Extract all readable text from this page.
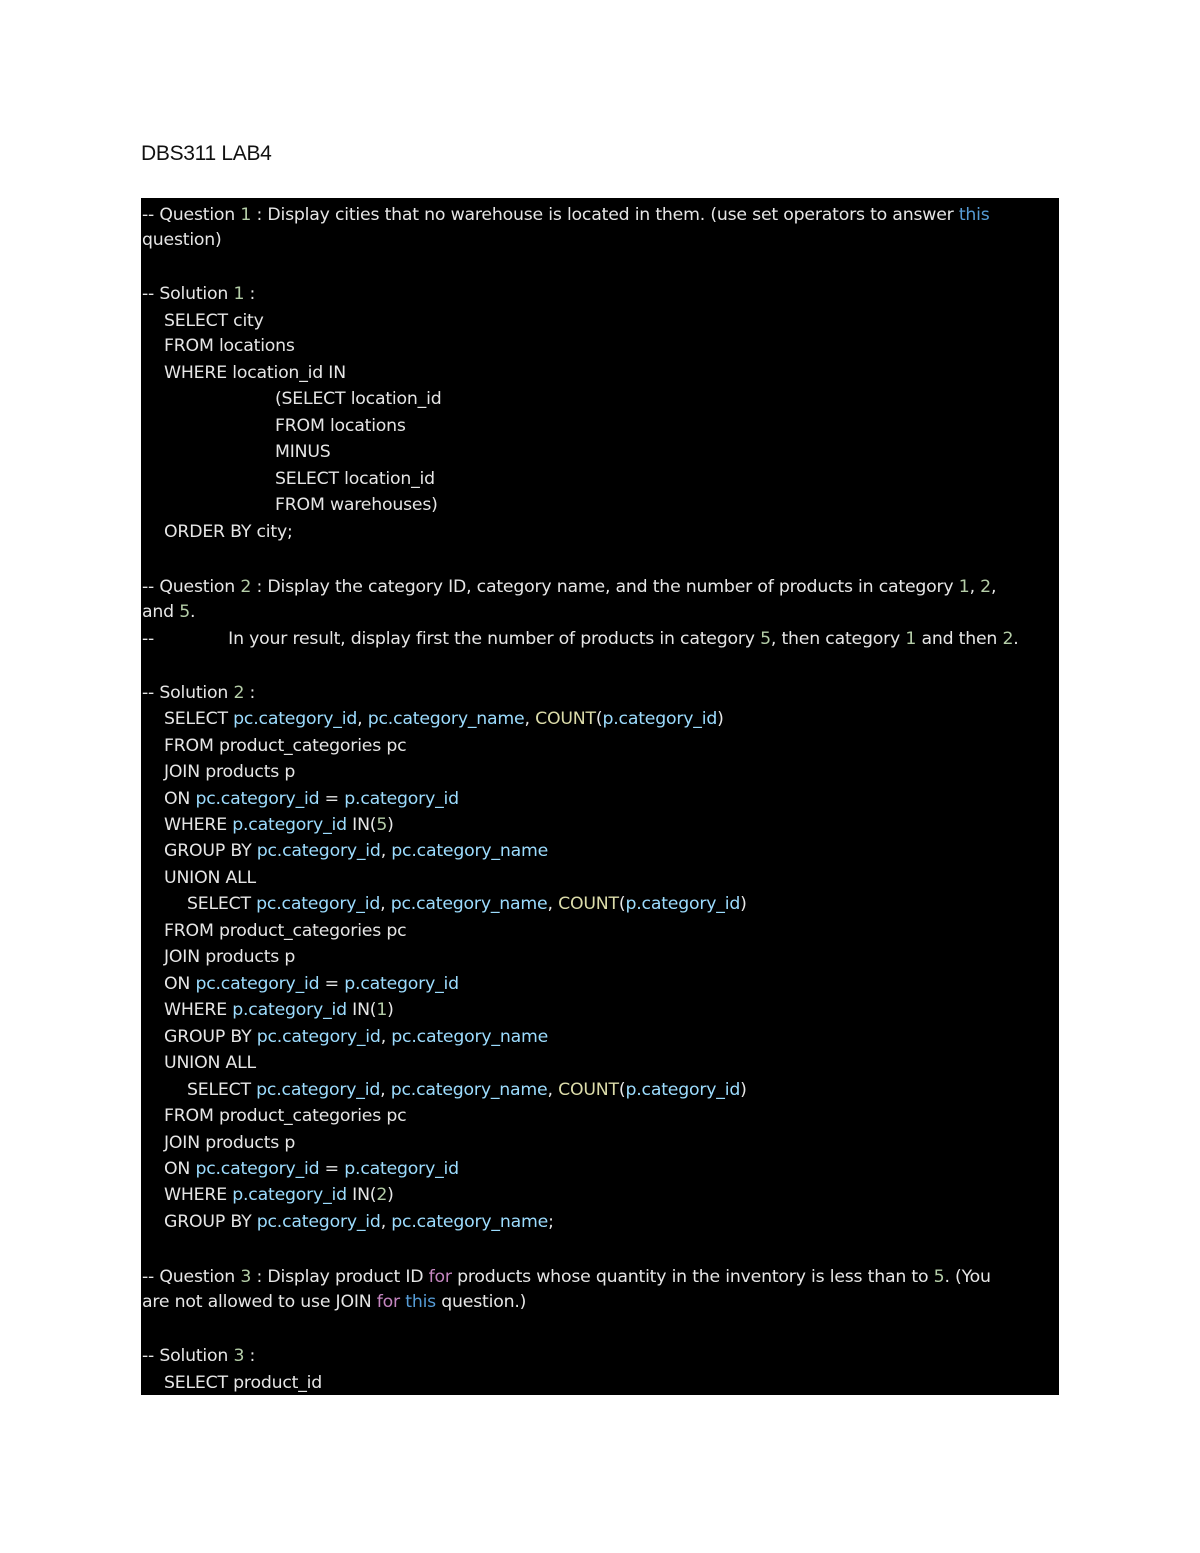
DBS311 LAB4
-- Question 1 : Display cities that no warehouse is located in them. (use set operators to answer this
question)
-- Solution 1 :
SELECT city
FROM locations
WHERE location_id IN
(SELECT location_id
FROM locations
MINUS
SELECT location_id
FROM warehouses)
ORDER BY city;
-- Question 2 : Display the category ID, category name, and the number of products in category 1, 2,
and 5.
--              In your result, display first the number of products in category 5, then category 1 and then 2.
-- Solution 2 :
SELECT pc.category_id, pc.category_name, COUNT(p.category_id)
FROM product_categories pc
JOIN products p
ON pc.category_id = p.category_id
WHERE p.category_id IN(5)
GROUP BY pc.category_id, pc.category_name
UNION ALL
SELECT pc.category_id, pc.category_name, COUNT(p.category_id)
FROM product_categories pc
JOIN products p
ON pc.category_id = p.category_id
WHERE p.category_id IN(1)
GROUP BY pc.category_id, pc.category_name
UNION ALL
SELECT pc.category_id, pc.category_name, COUNT(p.category_id)
FROM product_categories pc
JOIN products p
ON pc.category_id = p.category_id
WHERE p.category_id IN(2)
GROUP BY pc.category_id, pc.category_name;
-- Question 3 : Display product ID for products whose quantity in the inventory is less than to 5. (You
are not allowed to use JOIN for this question.)
-- Solution 3 :
SELECT product_id
